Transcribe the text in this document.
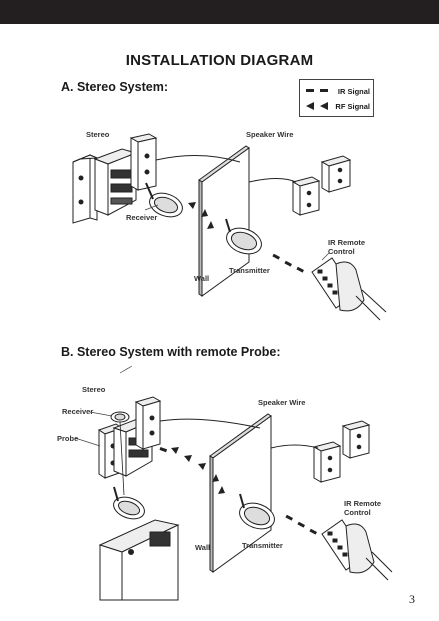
INSTALLATION DIAGRAM
A. Stereo System:	IR Signal
RF Signal
Stereo	Speaker Wire
Receiver
IR Remote Control
Wall
Transmitter
B. Stereo System with remote Probe:
Stereo
Receiver
Probe
Speaker Wire
IR Remote Control
Wall	Transmitter
3
